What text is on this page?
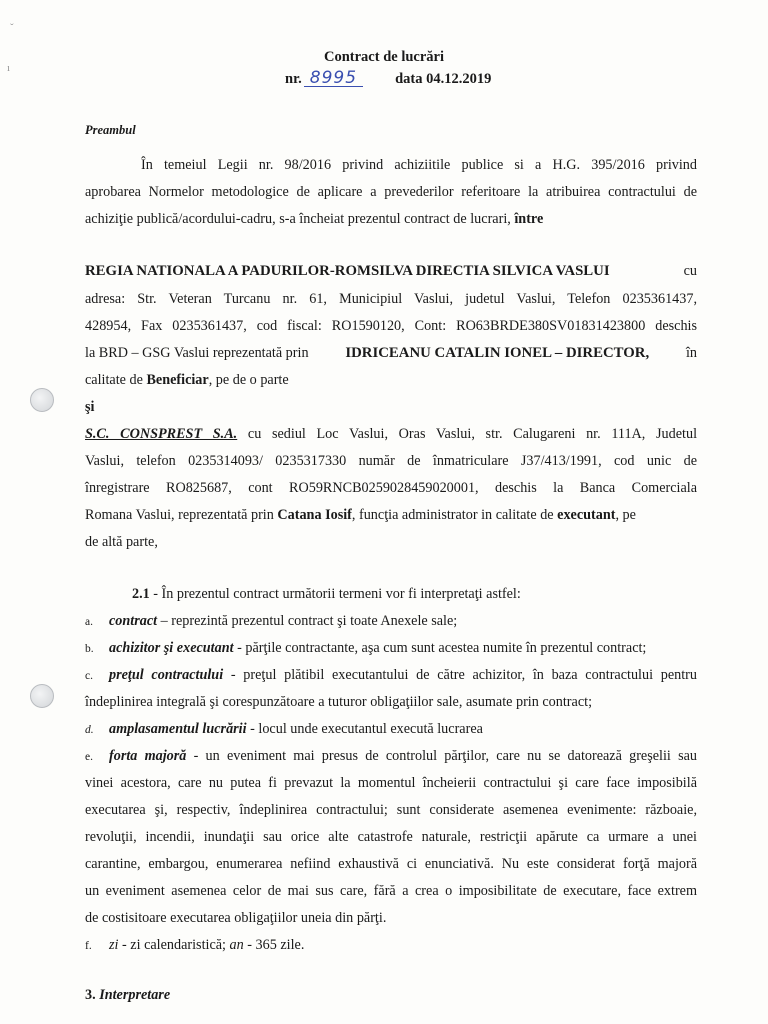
ˇ
ı
Contract de lucrări
nr. 8995	data 04.12.2019
Preambul
În temeiul Legii nr. 98/2016 privind achiziitile publice si a H.G. 395/2016 privind
aprobarea Normelor metodologice de aplicare a prevederilor referitoare la atribuirea contractului de
achiziţie publică/acordului-cadru, s-a încheiat prezentul contract de lucrari, între
REGIA NATIONALA A PADURILOR-ROMSILVA DIRECTIA SILVICA VASLUI	cu
adresa: Str. Veteran Turcanu nr. 61, Municipiul Vaslui, judetul Vaslui, Telefon 0235361437,
428954, Fax 0235361437, cod fiscal: RO1590120, Cont: RO63BRDE380SV01831423800 deschis
la BRD – GSG Vaslui reprezentată prin IDRICEANU CATALIN IONEL – DIRECTOR,	în
calitate de Beneficiar, pe de o parte
şi
S.C. CONSPREST S.A. cu sediul Loc Vaslui, Oras Vaslui, str. Calugareni nr. 111A, Judetul
Vaslui, telefon 0235314093/ 0235317330 număr de înmatriculare J37/413/1991, cod unic de
înregistrare RO825687, cont RO59RNCB0259028459020001, deschis la Banca Comerciala
Romana Vaslui, reprezentată prin Catana Iosif, funcţia administrator in calitate de executant, pe
de altă parte,
2.1 - În prezentul contract următorii termeni vor fi interpretaţi astfel:
a. contract – reprezintă prezentul contract şi toate Anexele sale;
b. achizitor şi executant - părţile contractante, aşa cum sunt acestea numite în prezentul contract;
c. preţul contractului - preţul plătibil executantului de către achizitor, în baza contractului pentru
îndeplinirea integrală şi corespunzătoare a tuturor obligaţiilor sale, asumate prin contract;
d. amplasamentul lucrării - locul unde executantul execută lucrarea
e. forta majoră - un eveniment mai presus de controlul părţilor, care nu se datorează greşelii sau
vinei acestora, care nu putea fi prevazut la momentul încheierii contractului şi care face imposibilă
executarea şi, respectiv, îndeplinirea contractului; sunt considerate asemenea evenimente: războaie,
revoluţii, incendii, inundaţii sau orice alte catastrofe naturale, restricţii apărute ca urmare a unei
carantine, embargou, enumerarea nefiind exhaustivă ci enunciativă. Nu este considerat forţă majoră
un eveniment asemenea celor de mai sus care, fără a crea o imposibilitate de executare, face extrem
de costisitoare executarea obligaţiilor uneia din părţi.
f. zi - zi calendaristică; an - 365 zile.
3. Interpretare
